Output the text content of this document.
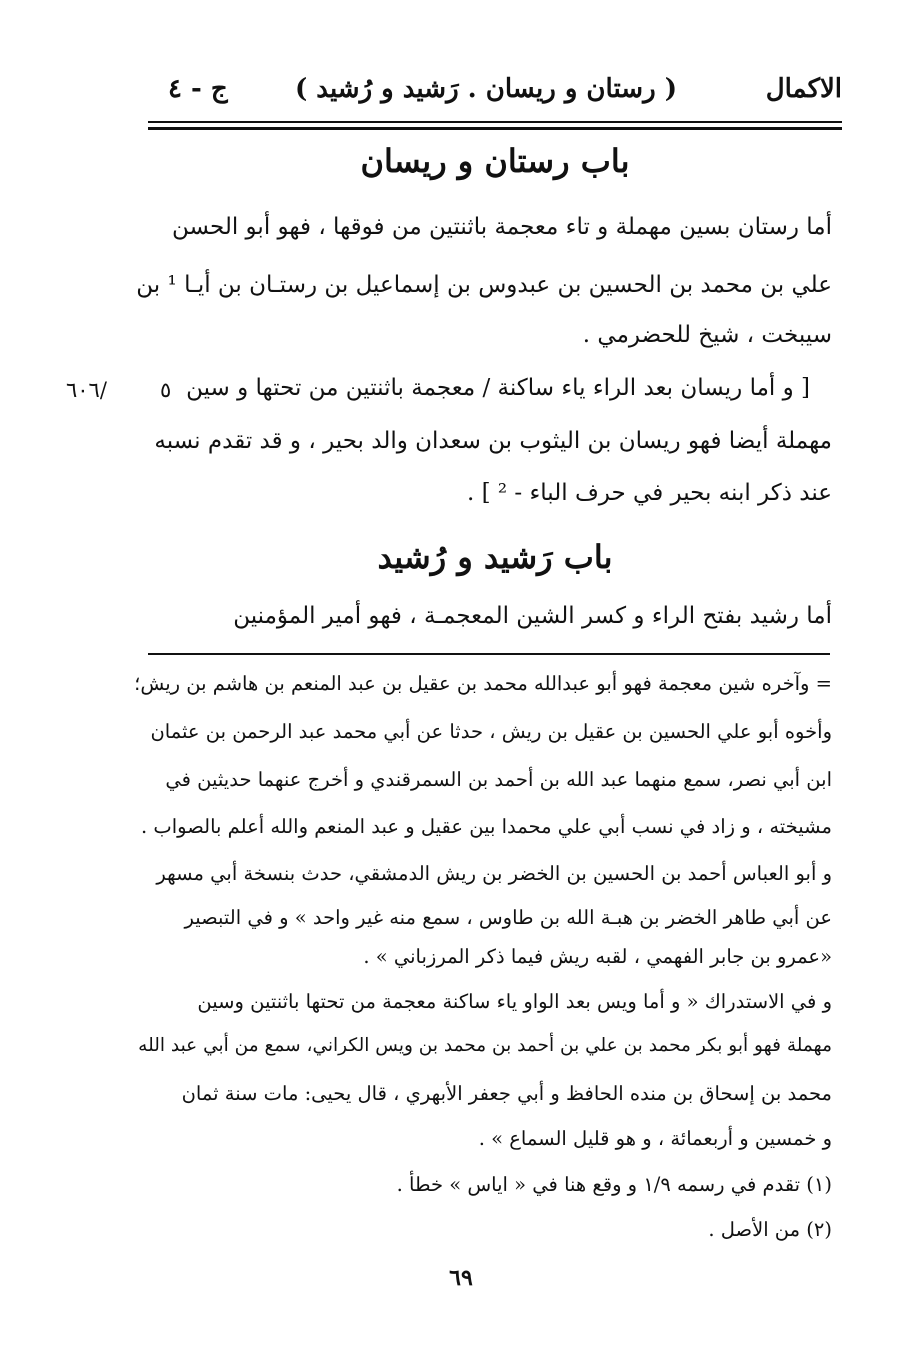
الاكمال
( رستان و ريسان . رَشيد و رُشيد )
ج - ٤
باب رستان و ريسان
أما رستان بسين مهملة و تاء معجمة باثنتين من فوقها ، فهو أبو الحسن
علي بن محمد بن الحسين بن عبدوس بن إسماعيل بن رستـان بن أيـا ¹ بن
سيبخت ، شيخ للحضرمي .
[ و أما ريسان بعد الراء ياء ساكنة / معجمة باثنتين من تحتها و سين
مهملة أيضا فهو ريسان بن اليثوب بن سعدان والد بحير ، و قد تقدم نسبه
عند ذكر ابنه بحير في حرف الباء - ² ] .
٥
٦٠٦/
باب رَشيد و رُشيد
أما رشيد بفتح الراء و كسر الشين المعجمـة ، فهو أمير المؤمنين
= وآخره شين معجمة فهو أبو عبدالله محمد بن عقيل بن عبد المنعم بن هاشم بن ريش؛
وأخوه أبو علي الحسين بن عقيل بن ريش ، حدثا عن أبي محمد عبد الرحمن بن عثمان
ابن أبي نصر، سمع منهما عبد الله بن أحمد بن السمرقندي و أخرج عنهما حديثين في
مشيخته ، و زاد في نسب أبي علي محمدا بين عقيل و عبد المنعم والله أعلم بالصواب .
و أبو العباس أحمد بن الحسين بن الخضر بن ريش الدمشقي، حدث بنسخة أبي مسهر
عن أبي طاهر الخضر بن هبـة الله بن طاوس ، سمع منه غير واحد » و في التبصير
«عمرو بن جابر الفهمي ، لقبه ريش فيما ذكر المرزباني » .
و في الاستدراك « و أما ويس بعد الواو ياء ساكنة معجمة من تحتها باثنتين وسين
مهملة فهو أبو بكر محمد بن علي بن أحمد بن محمد بن ويس الكراني، سمع من أبي عبد الله
محمد بن إسحاق بن منده الحافظ و أبي جعفر الأبهري ، قال يحيى: مات سنة ثمان
و خمسين و أربعمائة ، و هو قليل السماع » .
(١) تقدم في رسمه ١/٩ و وقع هنا في « اياس » خطأ .
(٢) من الأصل .
٦٩
